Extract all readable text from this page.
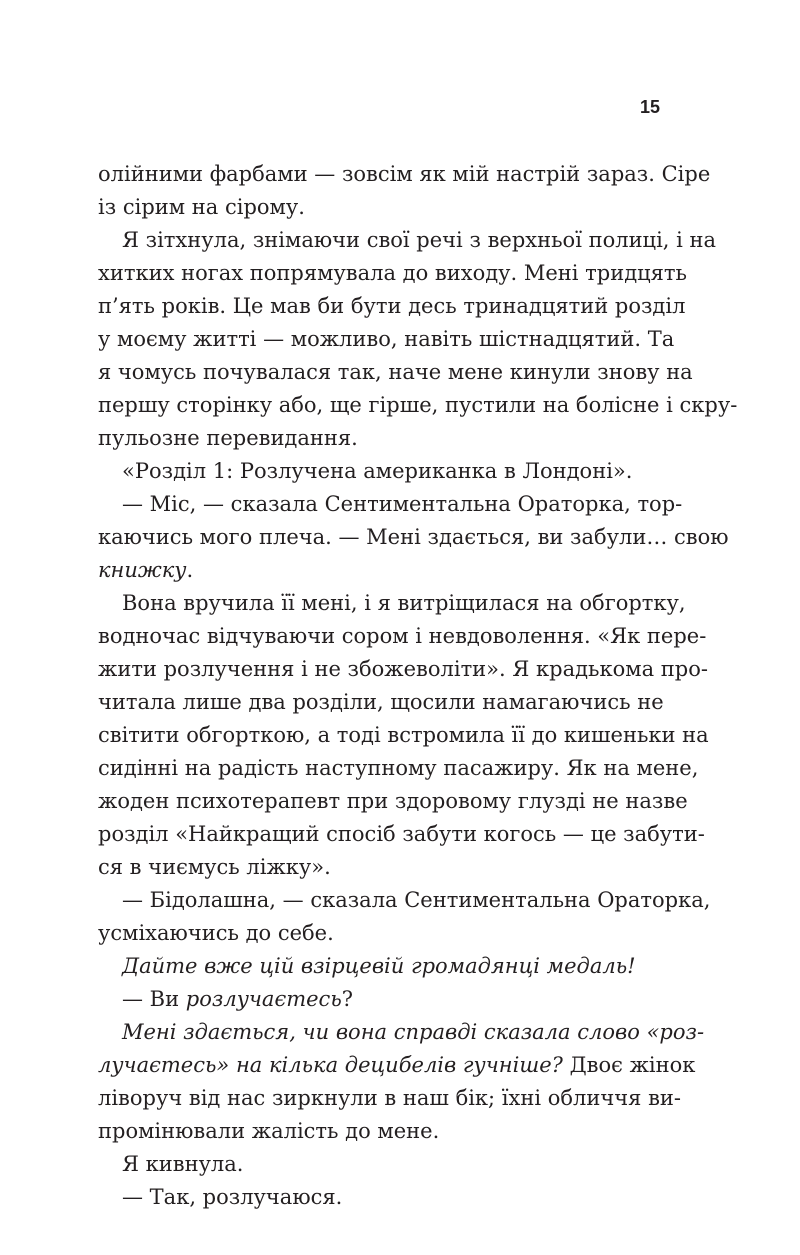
15
олійними фарбами — зовсім як мій настрій зараз. Сіре
із сірим на сірому.
Я зітхнула, знімаючи свої речі з верхньої полиці, і на
хитких ногах попрямувала до виходу. Мені тридцять
п’ять років. Це мав би бути десь тринадцятий розділ
у моєму житті — можливо, навіть шістнадцятий. Та
я чомусь почувалася так, наче мене кинули знову на
першу сторінку або, ще гірше, пустили на болісне і скру-
пульозне перевидання.
«Розділ 1: Розлучена американка в Лондоні».
— Міс, — сказала Сентиментальна Ораторка, тор-
каючись мого плеча. — Мені здається, ви забули… свою
книжку.
Вона вручила її мені, і я витріщилася на обгортку,
водночас відчуваючи сором і невдоволення. «Як пере-
жити розлучення і не збожеволіти». Я крадькома про-
читала лише два розділи, щосили намагаючись не
світити обгорткою, а тоді встромила її до кишеньки на
сидінні на радість наступному пасажиру. Як на мене,
жоден психотерапевт при здоровому глузді не назве
розділ «Найкращий спосіб забути когось — це забути-
ся в чиємусь ліжку».
— Бідолашна, — сказала Сентиментальна Ораторка,
усміхаючись до себе.
Дайте вже цій взірцевій громадянці медаль!
— Ви розлучаєтесь?
Мені здається, чи вона справді сказала слово «роз-
лучаєтесь» на кілька децибелів гучніше? Двоє жінок
ліворуч від нас зиркнули в наш бік; їхні обличчя ви-
промінювали жалість до мене.
Я кивнула.
— Так, розлучаюся.
